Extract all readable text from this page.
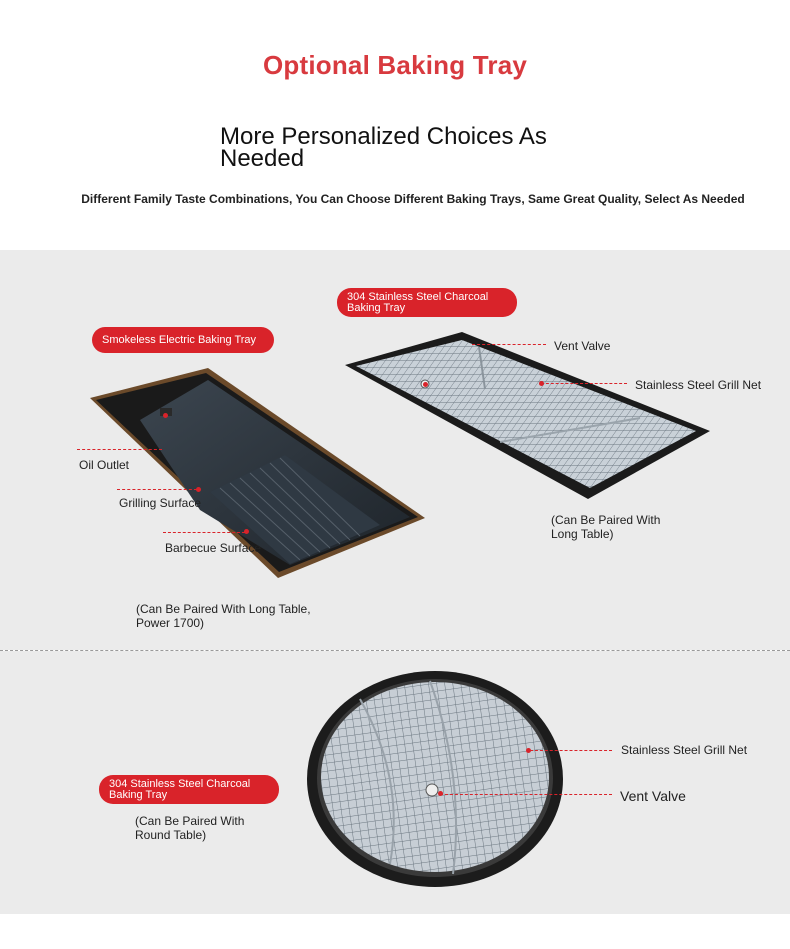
Optional Baking Tray
More Personalized Choices As Needed
Different Family Taste Combinations, You Can Choose Different Baking Trays, Same Great Quality, Select As Needed
Smokeless Electric Baking Tray
Oil Outlet
Grilling Surface
Barbecue Surface
(Can Be Paired With Long Table,
Power 1700)
304 Stainless Steel Charcoal
Baking Tray
Vent Valve
Stainless Steel Grill Net
(Can Be Paired With
Long Table)
304 Stainless Steel Charcoal
Baking Tray
Stainless Steel Grill Net
Vent Valve
(Can Be Paired With
Round Table)
